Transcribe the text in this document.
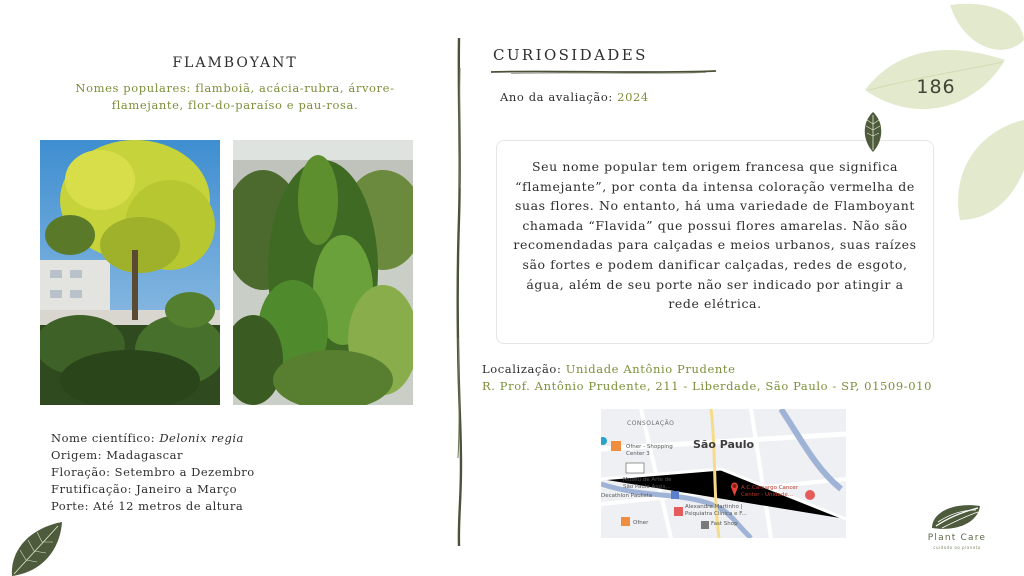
FLAMBOYANT
Nomes populares: flamboiã, acácia-rubra, árvore-flamejante, flor-do-paraíso e pau-rosa.
Nome científico: Delonix regia
Origem: Madagascar
Floração: Setembro a Dezembro
Frutificação: Janeiro a Março
Porte: Até 12 metros de altura
CURIOSIDADES
Ano da avaliação: 2024
Seu nome popular tem origem francesa que significa “flamejante”, por conta da intensa coloração vermelha de suas flores. No entanto, há uma variedade de Flamboyant chamada “Flavida” que possui flores amarelas. Não são recomendadas para calçadas e meios urbanos, suas raízes são fortes e podem danificar calçadas, redes de esgoto, água, além de seu porte não ser indicado por atingir a rede elétrica.
Localização: Unidade Antônio Prudente
R. Prof. Antônio Prudente, 211 - Liberdade, São Paulo - SP, 01509-010
CONSOLAÇÃO
São Paulo
Ofner - Shopping
Center 3
Museu de Arte de
São Paulo Assis...
Decathlon Paulista
A.C.Camargo Cancer
Center - Unidade...
Alexandre Martinho |
Psiquiatra Clínica e F...
Fast Shop
Ofner
186
Plant Care
cuidado ao planeta
